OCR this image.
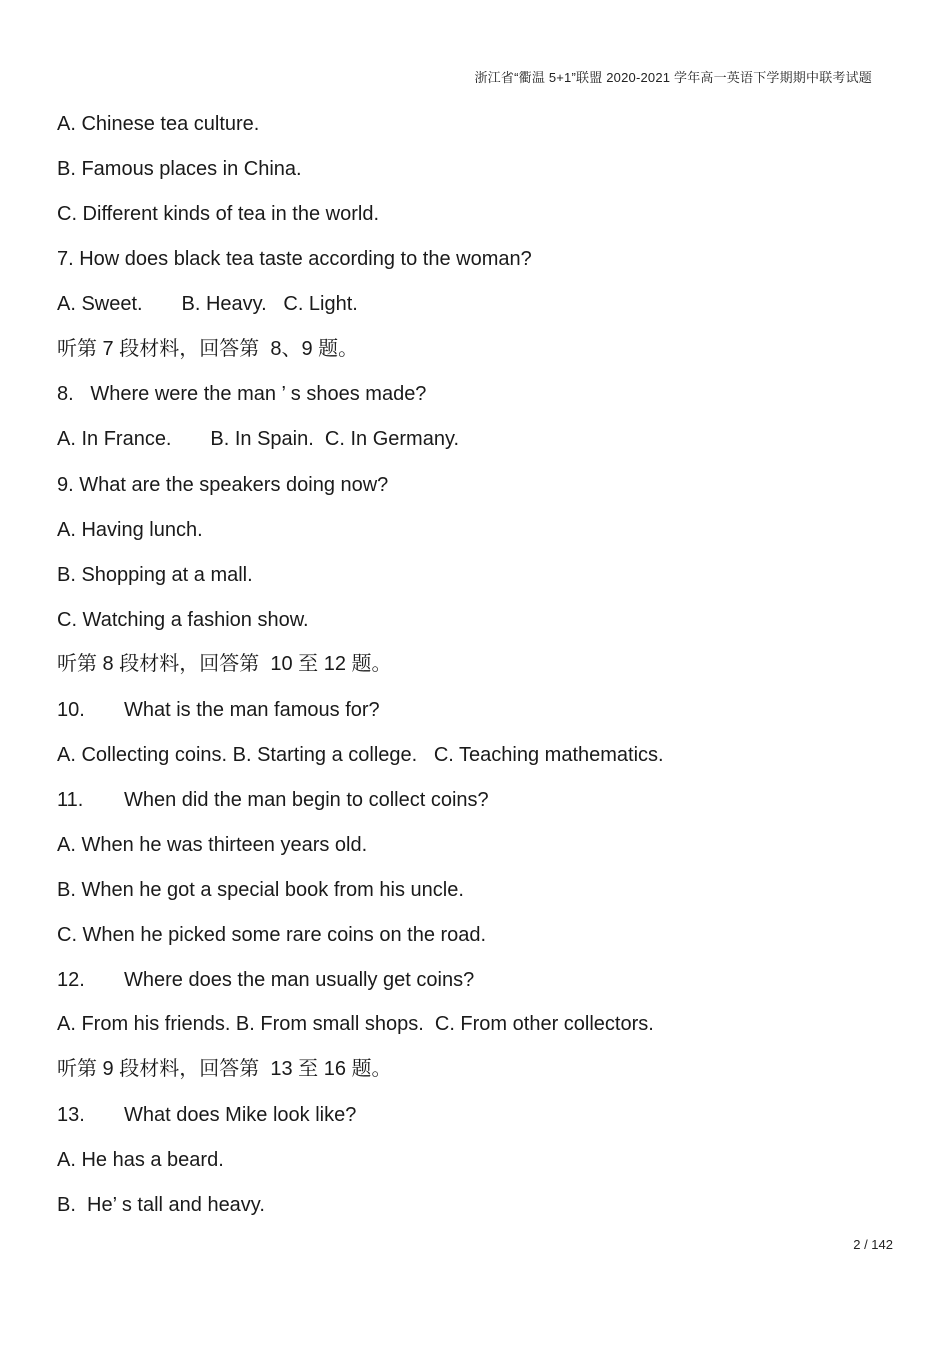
浙江省“衢温 5+1”联盟 2020-2021 学年高一英语下学期期中联考试题
A. Chinese tea culture.
B. Famous places in China.
C. Different kinds of tea in the world.
7. How does black tea taste according to the woman?
A. Sweet.       B. Heavy.   C. Light.
听第 7 段材料，回答第  8、9 题。
8.   Where were the man ’ s shoes made?
A. In France.       B. In Spain.  C. In Germany.
9. What are the speakers doing now?
A. Having lunch.
B. Shopping at a mall.
C. Watching a fashion show.
听第 8 段材料，回答第  10 至 12 题。
10. What is the man famous for?
A. Collecting coins. B. Starting a college.   C. Teaching mathematics.
11. When did the man begin to collect coins?
A. When he was thirteen years old.
B. When he got a special book from his uncle.
C. When he picked some rare coins on the road.
12. Where does the man usually get coins?
A. From his friends. B. From small shops.  C. From other collectors.
听第 9 段材料，回答第  13 至 16 题。
13. What does Mike look like?
A. He has a beard.
B.  He’ s tall and heavy.
2 / 142
